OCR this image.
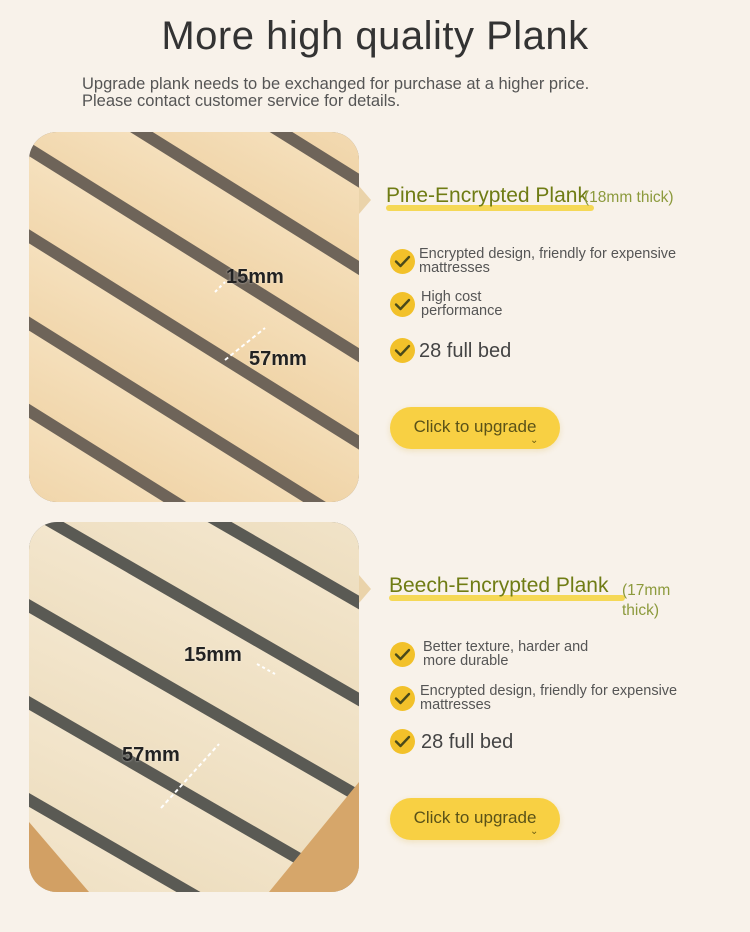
More high quality Plank
Upgrade plank needs to be exchanged for purchase at a higher price.
Please contact customer service for details.
15mm
57mm
Pine-Encrypted Plank
(18mm thick)
Encrypted design, friendly for expensive
mattresses
High cost
performance
28 full bed
Click to upgrade
⌄
15mm
57mm
Beech-Encrypted Plank (17mm
thick)
Better texture, harder and
more durable
Encrypted design, friendly for expensive
mattresses
28 full bed
Click to upgrade
⌄
